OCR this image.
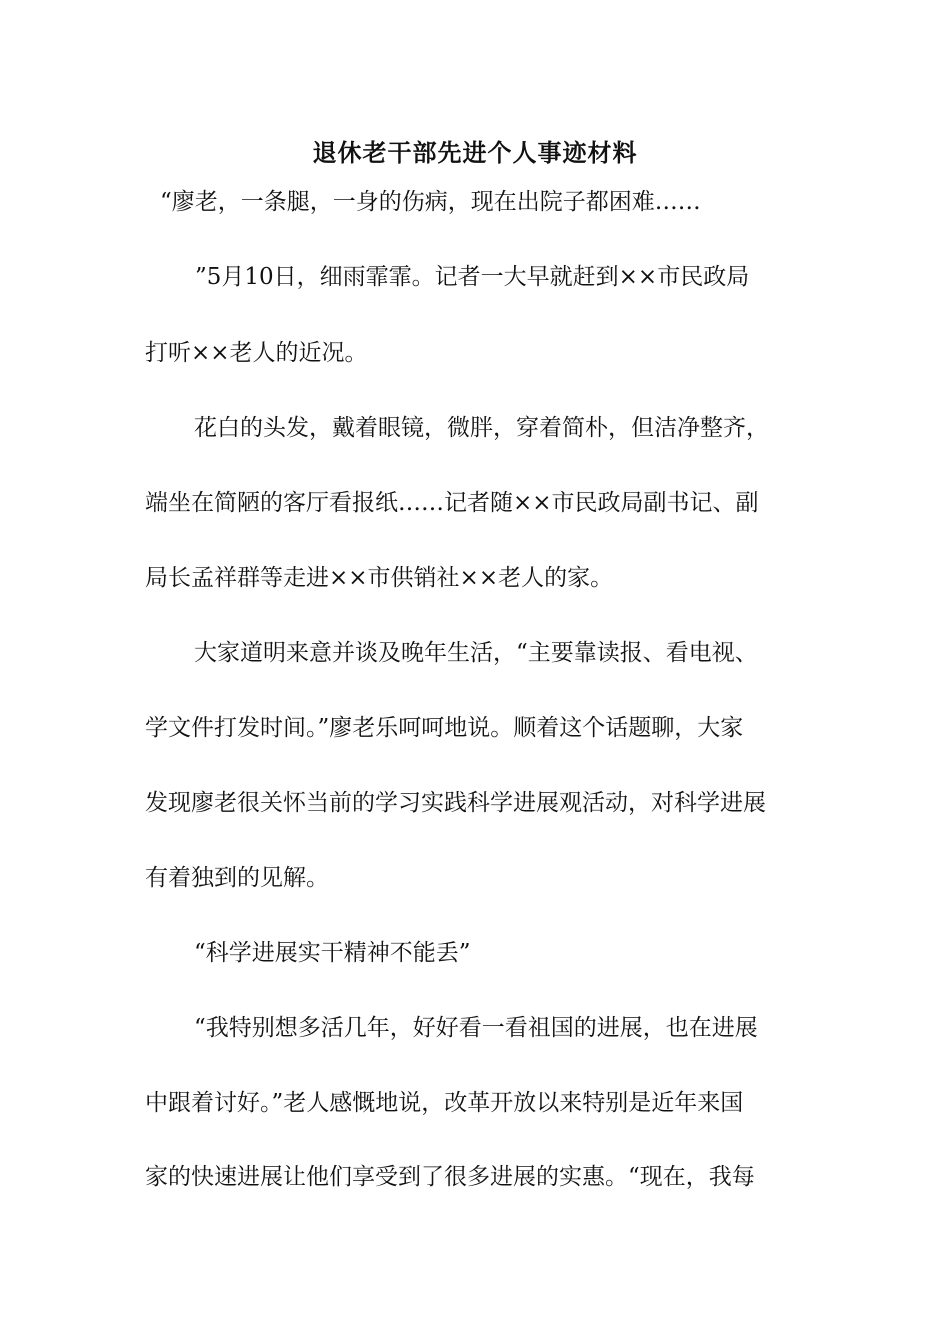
退休老干部先进个人事迹材料

“廖老，一条腿，一身的伤病，现在出院子都困难……

”5月10日，细雨霏霏。记者一大早就赶到××市民政局

打听××老人的近况。

花白的头发，戴着眼镜，微胖，穿着简朴，但洁净整齐，

端坐在简陋的客厅看报纸……记者随××市民政局副书记、副

局长孟祥群等走进××市供销社××老人的家。

大家道明来意并谈及晚年生活，“主要靠读报、看电视、

学文件打发时间。”廖老乐呵呵地说。顺着这个话题聊，大家

发现廖老很关怀当前的学习实践科学进展观活动，对科学进展

有着独到的见解。

“科学进展实干精神不能丢”

“我特别想多活几年，好好看一看祖国的进展，也在进展

中跟着讨好。”老人感慨地说，改革开放以来特别是近年来国

家的快速进展让他们享受到了很多进展的实惠。“现在，我每
